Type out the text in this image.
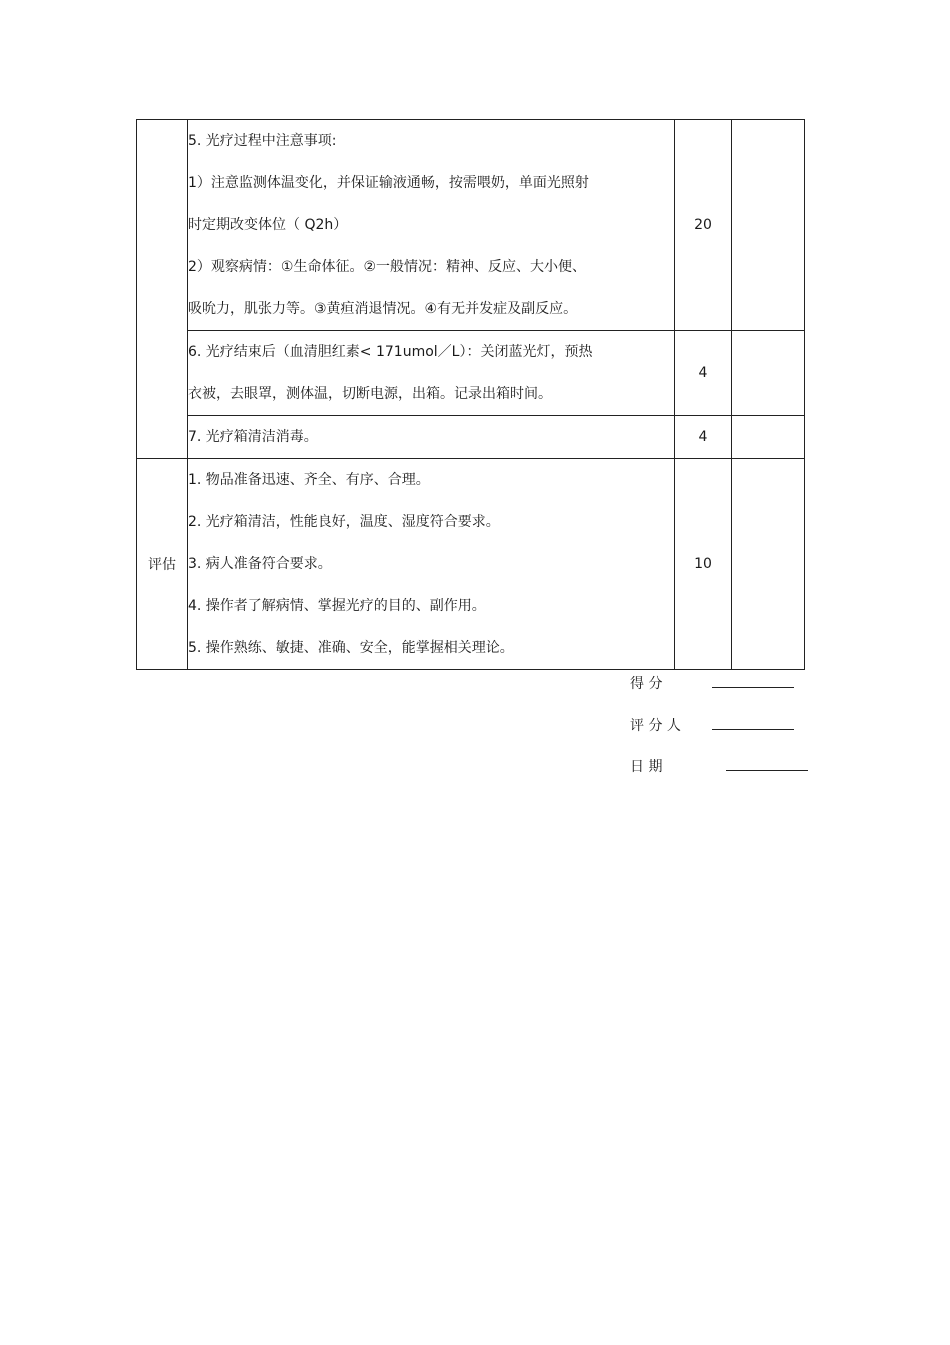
	5. 光疗过程中注意事项:
1）注意监测体温变化，并保证输液通畅，按需喂奶，单面光照射
时定期改变体位（ Q2h）
2）观察病情：①生命体征。②一般情况：精神、反应、大小便、
吸吮力，肌张力等。③黄疸消退情况。④有无并发症及副反应。	20	

	6. 光疗结束后（血清胆红素< 171umol／L）：关闭蓝光灯，预热
衣被，去眼罩，测体温，切断电源，出箱。记录出箱时间。	4	

	7. 光疗箱清洁消毒。	4	
评估	1. 物品准备迅速、齐全、有序、合理。
2. 光疗箱清洁，性能良好，温度、湿度符合要求。
3. 病人准备符合要求。
4. 操作者了解病情、掌握光疗的目的、副作用。
5. 操作熟练、敏捷、准确、安全，能掌握相关理论。	10	
得 分
评 分 人
日 期
